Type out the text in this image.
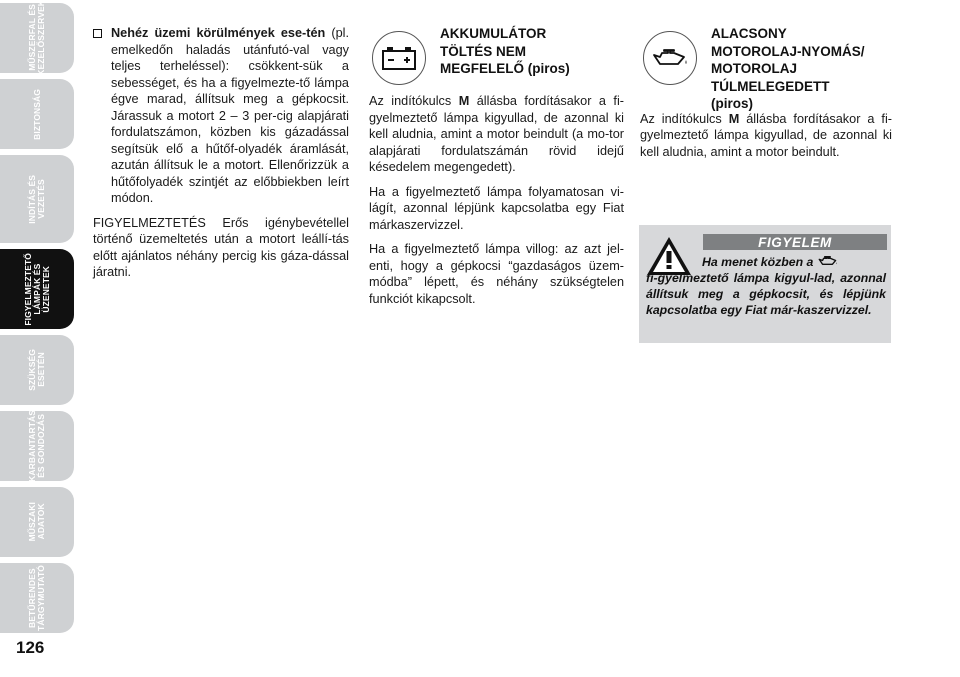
MŰSZERFAL ÉS KEZELŐSZERVEK
BIZTONSÁG
INDÍTÁS ÉS VEZETÉS
FIGYELMEZTETŐ LÁMPÁK ÉS ÜZENETEK
SZÜKSÉG ESETÉN
KARBANTARTÁS ÉS GONDOZÁS
MŰSZAKI ADATOK
BETŰRENDES TÁRGYMUTATÓ
126
Nehéz üzemi körülmények ese-tén (pl. emelkedőn haladás utánfutó-val vagy teljes terheléssel): csökkent-sük a sebességet, és ha a figyelmezte-tő lámpa égve marad, állítsuk meg a gépkocsit. Járassuk a motort 2 – 3 per-cig alapjárati fordulatszámon, közben kis gázadással segítsük elő a hűtőf-olyadék áramlását, azután állítsuk le a motort. Ellenőrizzük a hűtőfolyadék szintjét az előbbiekben leírt módon.

FIGYELMEZTETÉS Erős igénybevétellel történő üzemeltetés után a motort leállí-tás előtt ajánlatos néhány percig kis gáza-dással járatni.

AKKUMULÁTOR
TÖLTÉS NEM
MEGFELELŐ (piros)

Az indítókulcs M állásba fordításakor a fi-gyelmeztető lámpa kigyullad, de azonnal ki kell aludnia, amint a motor beindult (a mo-tor alapjárati fordulatszámán rövid idejű késedelem megengedett).

Ha a figyelmeztető lámpa folyamatosan vi-lágít, azonnal lépjünk kapcsolatba egy Fiat márkaszervizzel.

Ha a figyelmeztető lámpa villog: az azt jel-enti, hogy a gépkocsi “gazdaságos üzem-módba” lépett, és néhány szükségtelen funkciót kikapcsolt.

ALACSONY
MOTOROLAJ-NYOMÁS/
MOTOROLAJ
TÚLMELEGEDETT
(piros)

Az indítókulcs M állásba fordításakor a fi-gyelmeztető lámpa kigyullad, de azonnal ki kell aludnia, amint a motor beindult.

FIGYELEM
Ha menet közben a
fi-gyelmeztető lámpa kigyul-lad, azonnal állítsuk meg a gépkocsit, és lépjünk kapcsolatba egy Fiat már-kaszervizzel.
